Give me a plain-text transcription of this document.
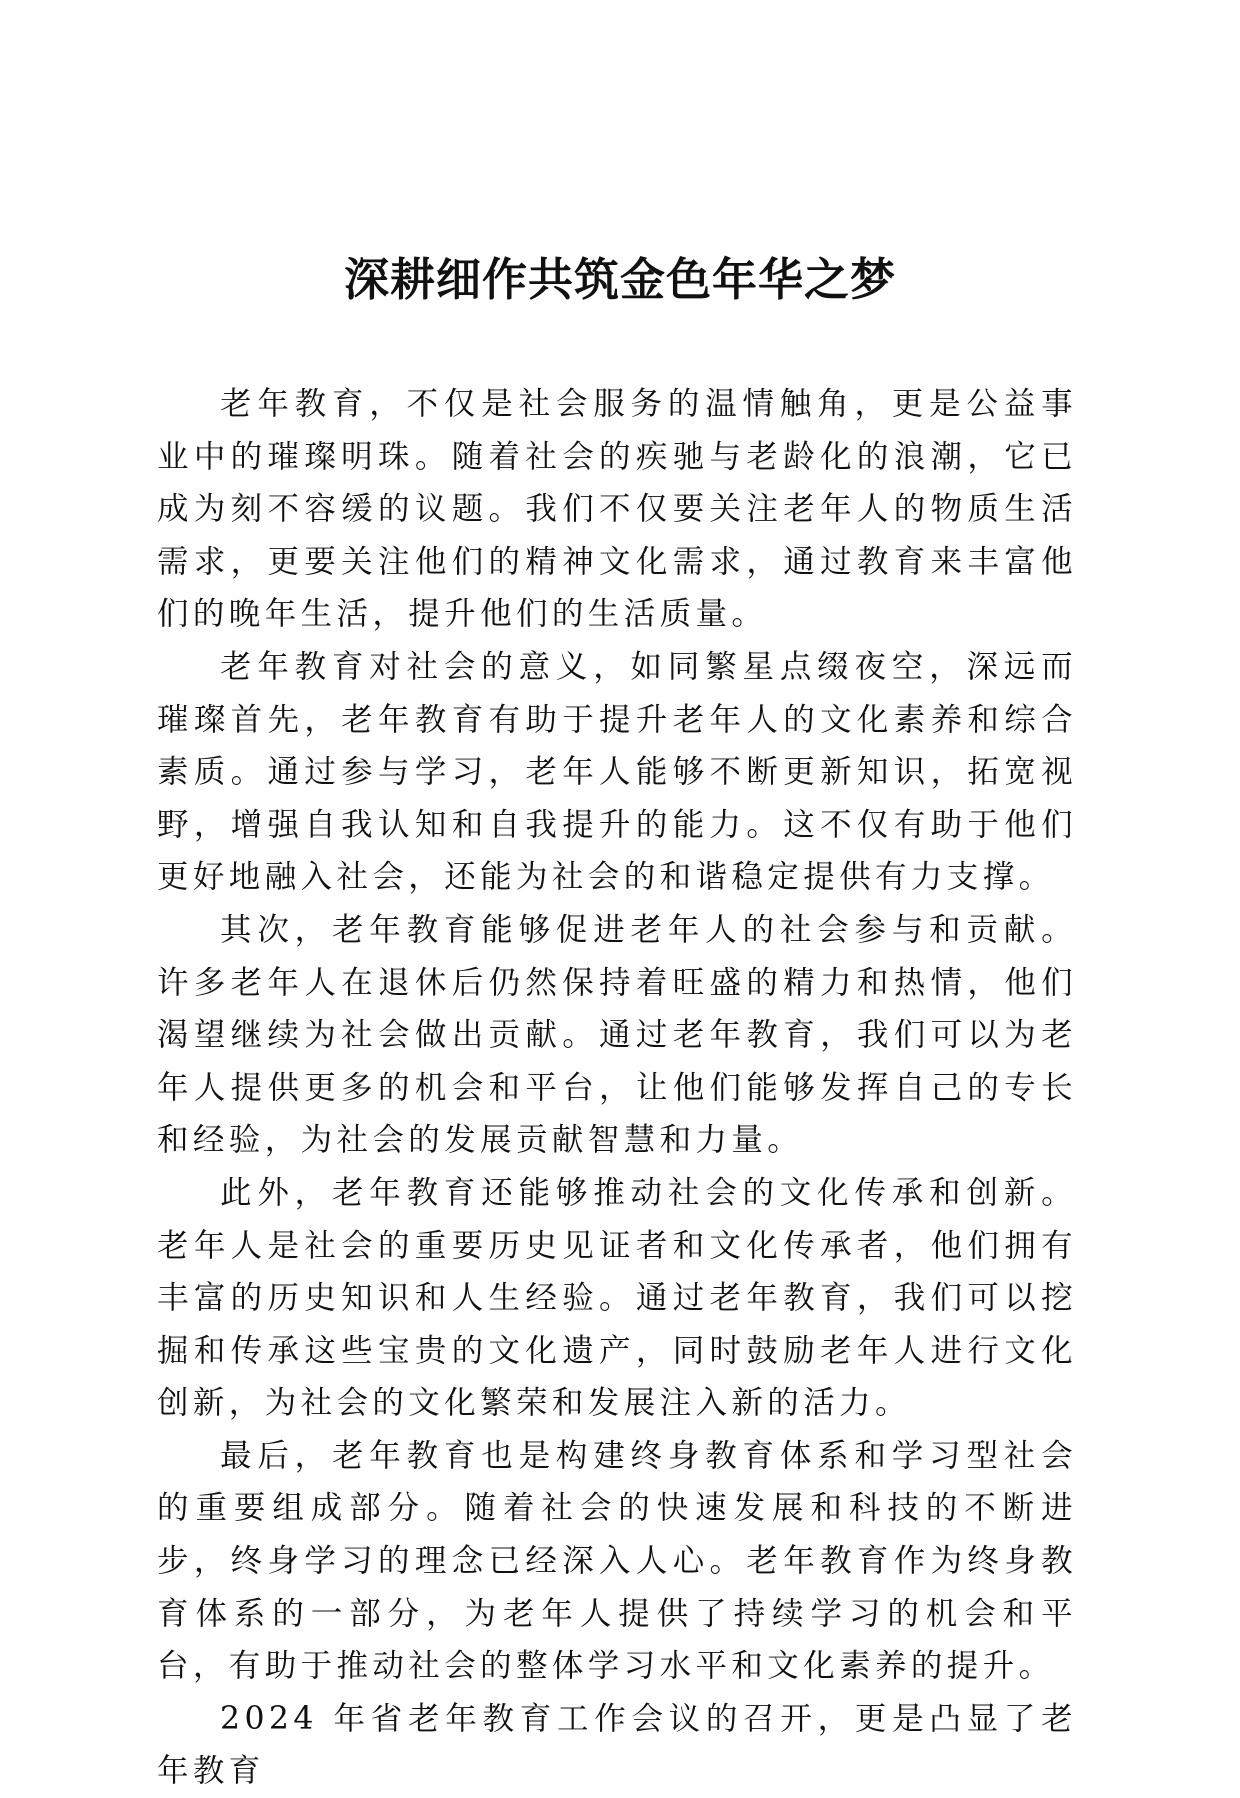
深耕细作共筑金色年华之梦

老年教育，不仅是社会服务的温情触角，更是公益事业中的璀璨明珠。随着社会的疾驰与老龄化的浪潮，它已成为刻不容缓的议题。我们不仅要关注老年人的物质生活需求，更要关注他们的精神文化需求，通过教育来丰富他们的晚年生活，提升他们的生活质量。

老年教育对社会的意义，如同繁星点缀夜空，深远而璀璨首先，老年教育有助于提升老年人的文化素养和综合素质。通过参与学习，老年人能够不断更新知识，拓宽视野，增强自我认知和自我提升的能力。这不仅有助于他们更好地融入社会，还能为社会的和谐稳定提供有力支撑。

其次，老年教育能够促进老年人的社会参与和贡献。许多老年人在退休后仍然保持着旺盛的精力和热情，他们渴望继续为社会做出贡献。通过老年教育，我们可以为老年人提供更多的机会和平台，让他们能够发挥自己的专长和经验，为社会的发展贡献智慧和力量。

此外，老年教育还能够推动社会的文化传承和创新。老年人是社会的重要历史见证者和文化传承者，他们拥有丰富的历史知识和人生经验。通过老年教育，我们可以挖掘和传承这些宝贵的文化遗产，同时鼓励老年人进行文化创新，为社会的文化繁荣和发展注入新的活力。

最后，老年教育也是构建终身教育体系和学习型社会的重要组成部分。随着社会的快速发展和科技的不断进步，终身学习的理念已经深入人心。老年教育作为终身教育体系的一部分，为老年人提供了持续学习的机会和平台，有助于推动社会的整体学习水平和文化素养的提升。

2024 年省老年教育工作会议的召开，更是凸显了老年教育
